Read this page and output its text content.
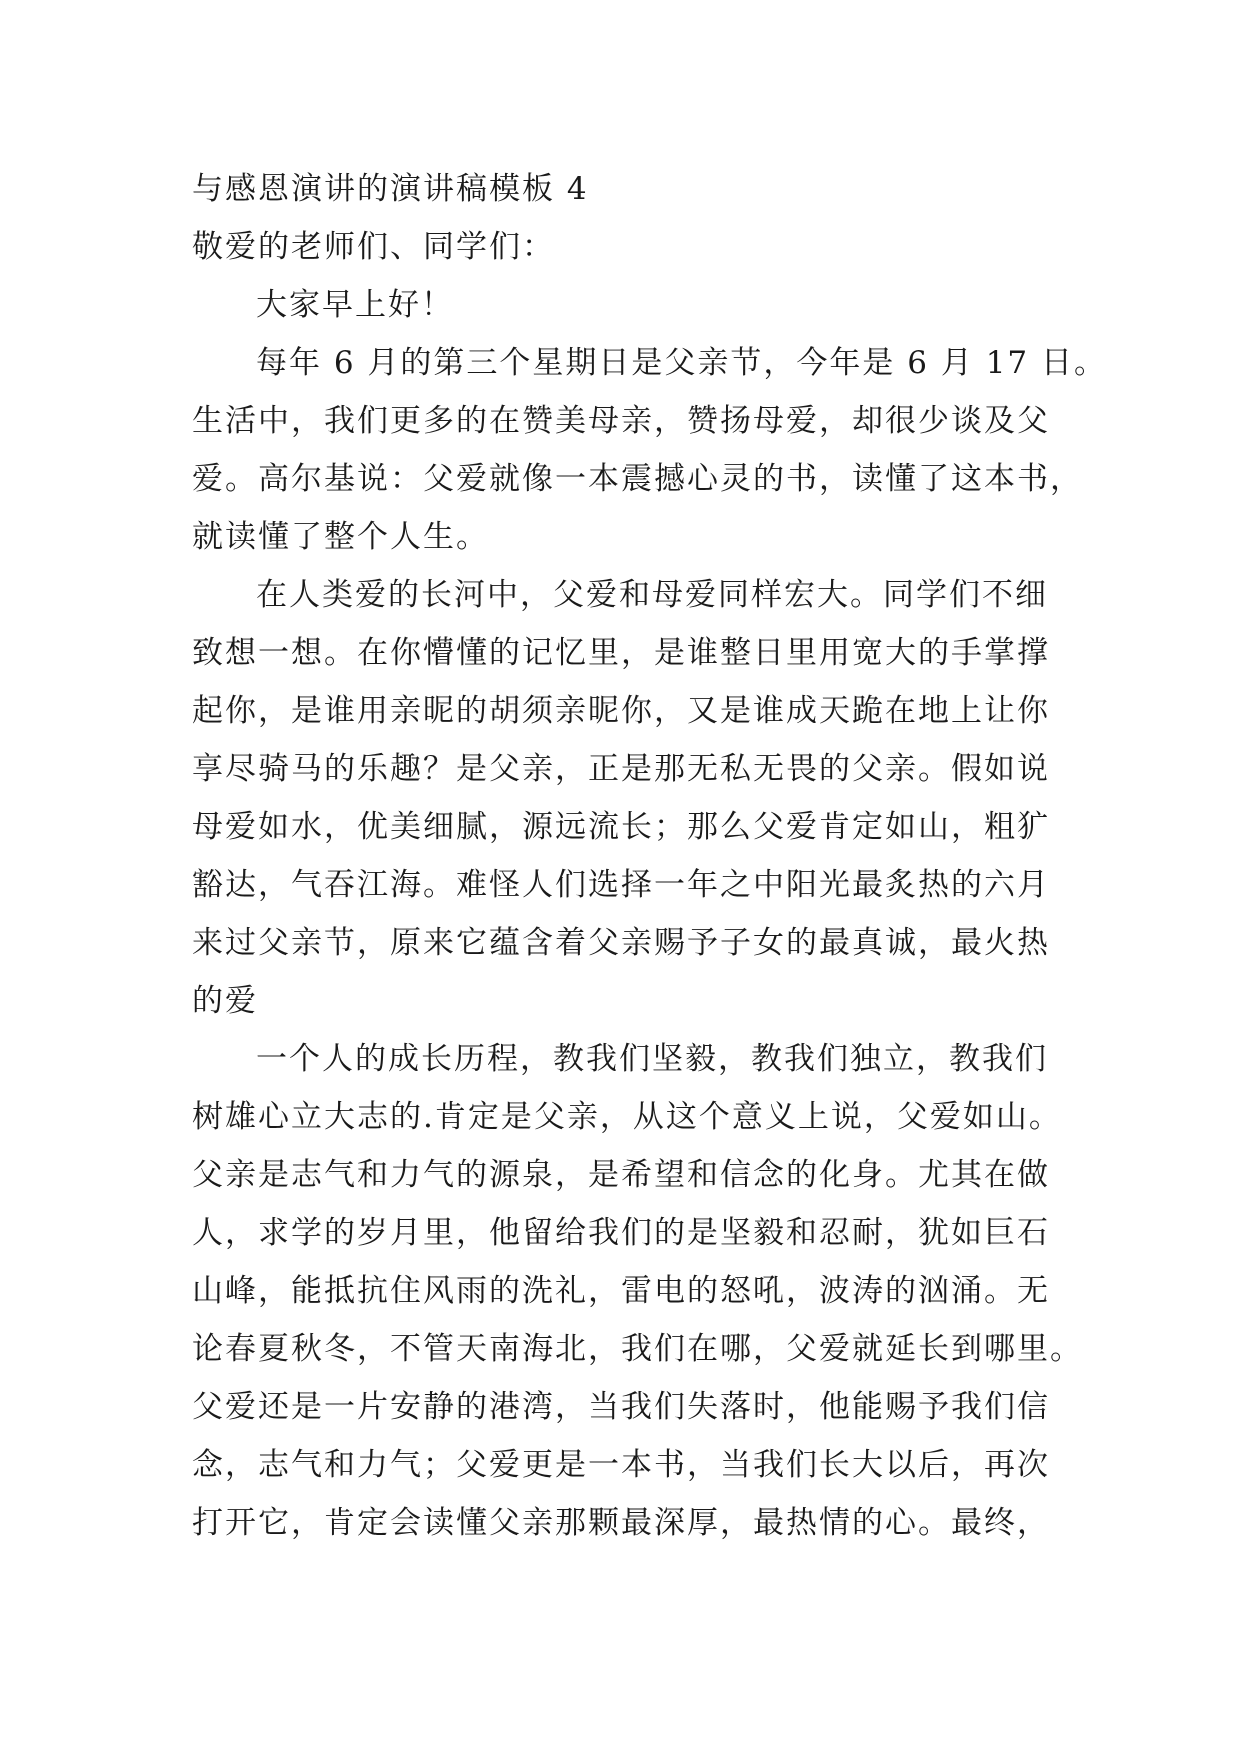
与感恩演讲的演讲稿模板 4

敬爱的老师们、同学们：

大家早上好！

每年 6 月的第三个星期日是父亲节，今年是 6 月 17 日。
生活中，我们更多的在赞美母亲，赞扬母爱，却很少谈及父
爱。高尔基说：父爱就像一本震撼心灵的书，读懂了这本书，
就读懂了整个人生。

在人类爱的长河中，父爱和母爱同样宏大。同学们不细
致想一想。在你懵懂的记忆里，是谁整日里用宽大的手掌撑
起你，是谁用亲昵的胡须亲昵你，又是谁成天跪在地上让你
享尽骑马的乐趣？是父亲，正是那无私无畏的父亲。假如说
母爱如水，优美细腻，源远流长；那么父爱肯定如山，粗犷
豁达，气吞江海。难怪人们选择一年之中阳光最炙热的六月
来过父亲节，原来它蕴含着父亲赐予子女的最真诚，最火热
的爱

一个人的成长历程，教我们坚毅，教我们独立，教我们
树雄心立大志的.肯定是父亲，从这个意义上说，父爱如山。
父亲是志气和力气的源泉，是希望和信念的化身。尤其在做
人，求学的岁月里，他留给我们的是坚毅和忍耐，犹如巨石
山峰，能抵抗住风雨的洗礼，雷电的怒吼，波涛的汹涌。无
论春夏秋冬，不管天南海北，我们在哪，父爱就延长到哪里。
父爱还是一片安静的港湾，当我们失落时，他能赐予我们信
念，志气和力气；父爱更是一本书，当我们长大以后，再次
打开它，肯定会读懂父亲那颗最深厚，最热情的心。最终，
